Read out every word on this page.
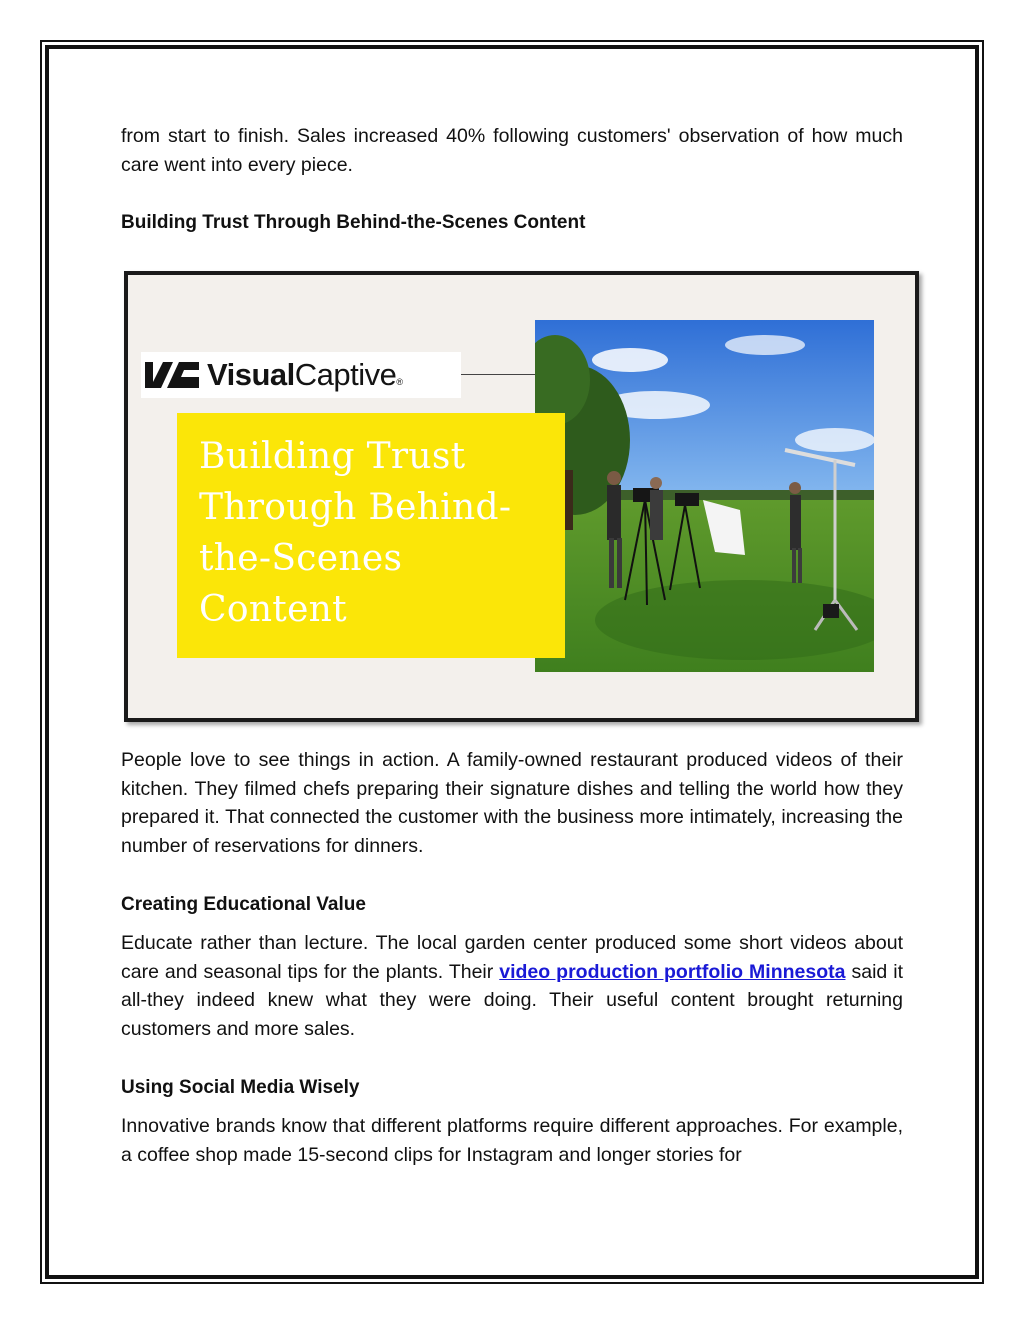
from start to finish. Sales increased 40% following customers' observation of how much care went into every piece.

Building Trust Through Behind-the-Scenes Content
VisualCaptive®

Building Trust Through Behind-the-Scenes Content

People love to see things in action. A family-owned restaurant produced videos of their kitchen. They filmed chefs preparing their signature dishes and telling the world how they prepared it. That connected the customer with the business more intimately, increasing the number of reservations for dinners.

Creating Educational Value

Educate rather than lecture. The local garden center produced some short videos about care and seasonal tips for the plants. Their video production portfolio Minnesota said it all-they indeed knew what they were doing. Their useful content brought returning customers and more sales.

Using Social Media Wisely

Innovative brands know that different platforms require different approaches. For example, a coffee shop made 15-second clips for Instagram and longer stories for
